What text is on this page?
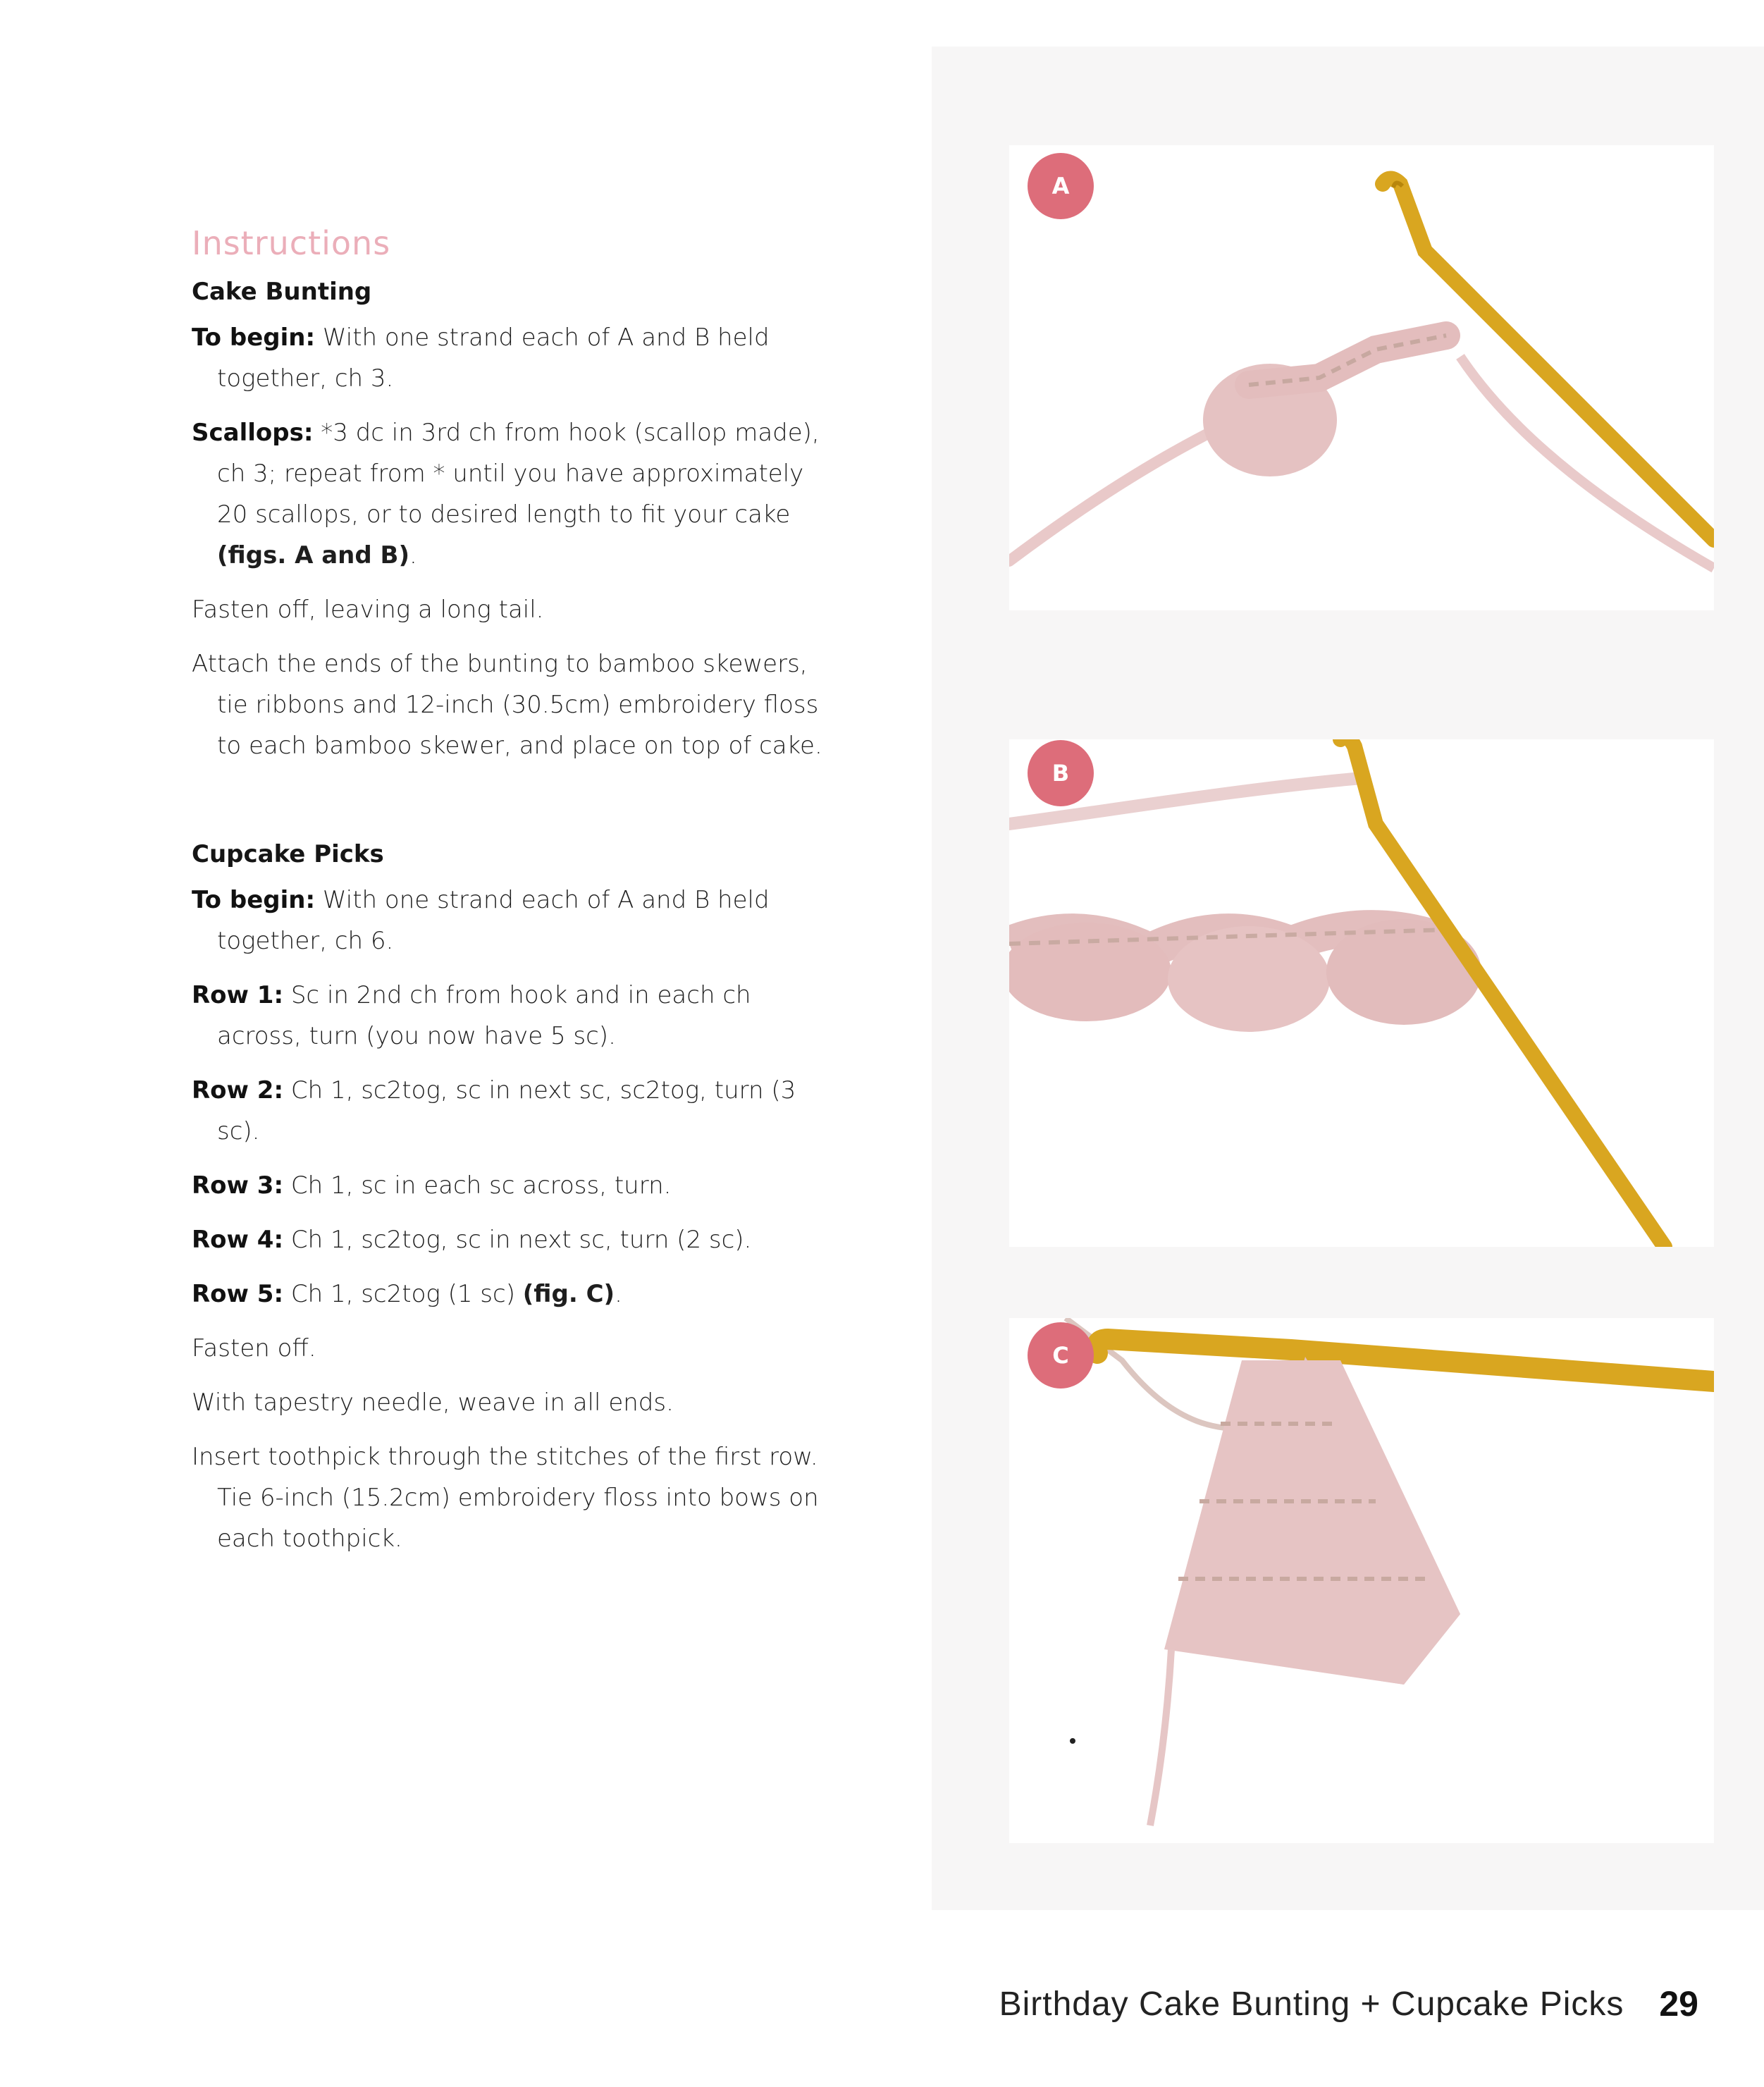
Instructions
Cake Bunting

To begin: With one strand each of A and B held together, ch 3.

Scallops: *3 dc in 3rd ch from hook (scallop made), ch 3; repeat from * until you have approximately 20 scallops, or to desired length to fit your cake (figs. A and B).

Fasten off, leaving a long tail.

Attach the ends of the bunting to bamboo skewers, tie ribbons and 12-inch (30.5cm) embroidery floss to each bamboo skewer, and place on top of cake.

Cupcake Picks

To begin: With one strand each of A and B held together, ch 6.

Row 1: Sc in 2nd ch from hook and in each ch across, turn (you now have 5 sc).

Row 2: Ch 1, sc2tog, sc in next sc, sc2tog, turn (3 sc).

Row 3: Ch 1, sc in each sc across, turn.

Row 4: Ch 1, sc2tog, sc in next sc, turn (2 sc).

Row 5: Ch 1, sc2tog (1 sc) (fig. C).

Fasten off.

With tapestry needle, weave in all ends.

Insert toothpick through the stitches of the first row. Tie 6-inch (15.2cm) embroidery floss into bows on each toothpick.

A
B
C
Birthday Cake Bunting + Cupcake Picks 29
